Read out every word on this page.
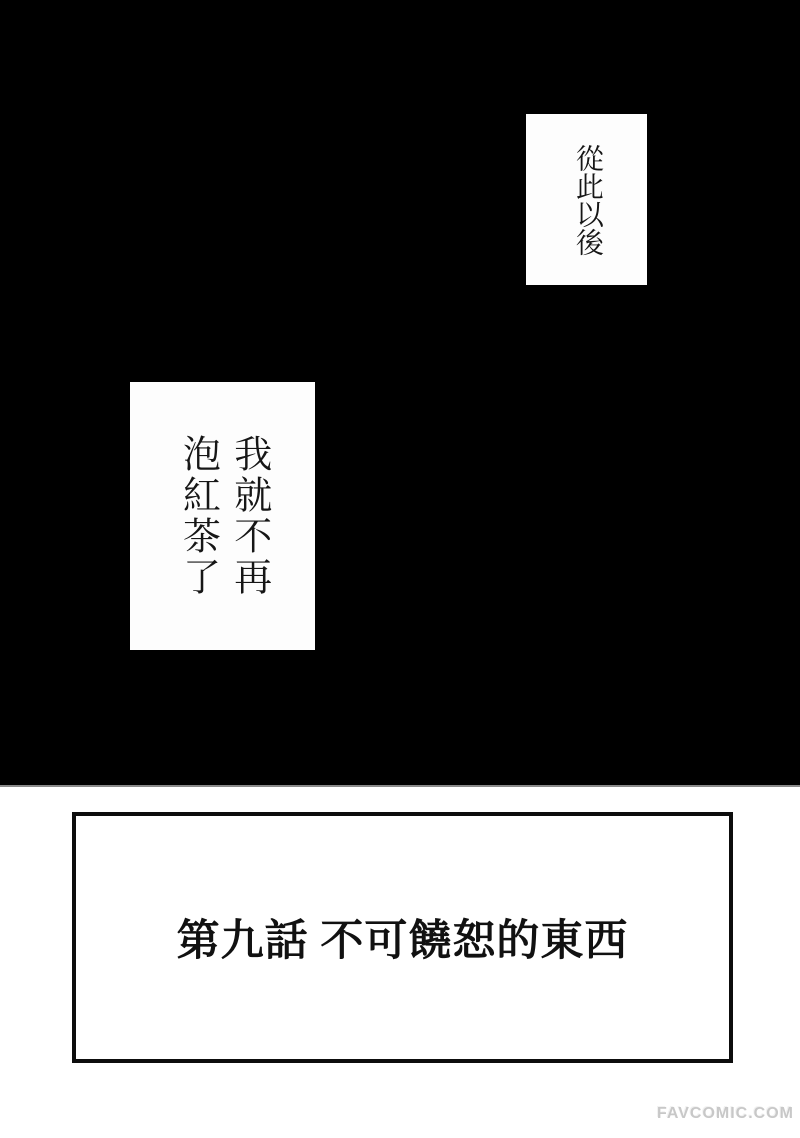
從此以後
我就不再
泡紅茶了
第九話 不可饒恕的東西
FAVCOMIC.COM
